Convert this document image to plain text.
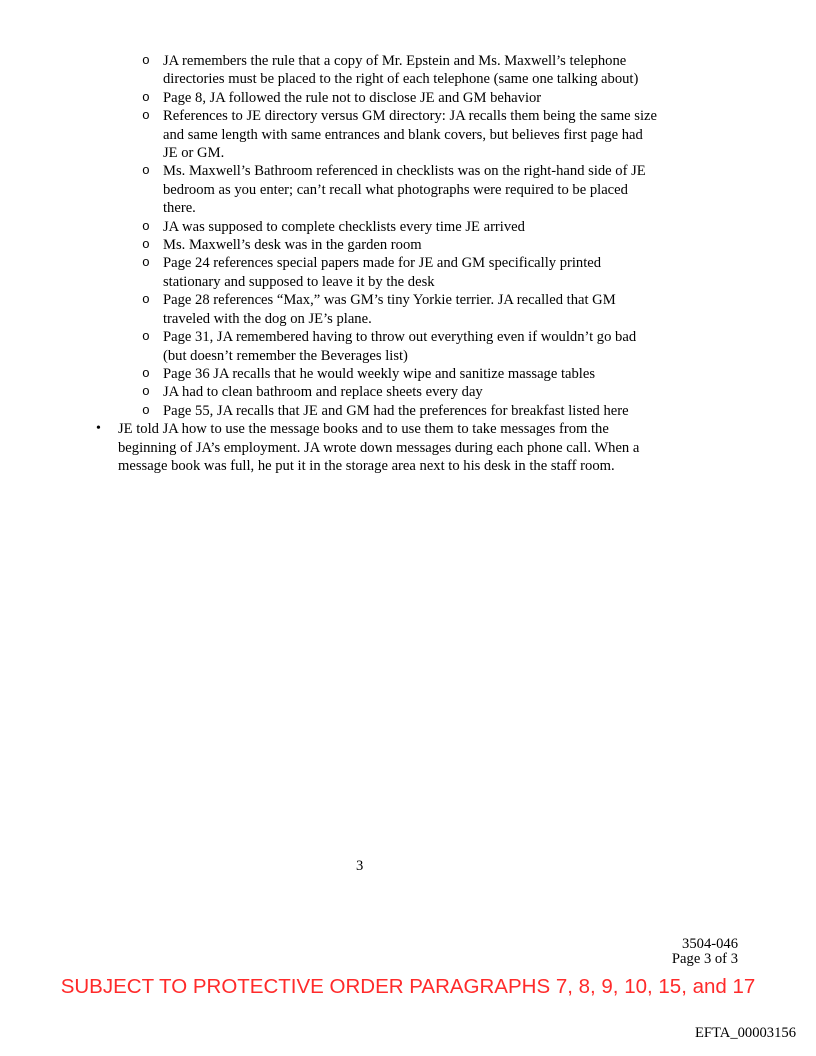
o JA remembers the rule that a copy of Mr. Epstein and Ms. Maxwell’s telephone directories must be placed to the right of each telephone (same one talking about)
o Page 8, JA followed the rule not to disclose JE and GM behavior
o References to JE directory versus GM directory: JA recalls them being the same size and same length with same entrances and blank covers, but believes first page had JE or GM.
o Ms. Maxwell’s Bathroom referenced in checklists was on the right-hand side of JE bedroom as you enter; can’t recall what photographs were required to be placed there.
o JA was supposed to complete checklists every time JE arrived
o Ms. Maxwell’s desk was in the garden room
o Page 24 references special papers made for JE and GM specifically printed stationary and supposed to leave it by the desk
o Page 28 references “Max,” was GM’s tiny Yorkie terrier. JA recalled that GM traveled with the dog on JE’s plane.
o Page 31, JA remembered having to throw out everything even if wouldn’t go bad (but doesn’t remember the Beverages list)
o Page 36 JA recalls that he would weekly wipe and sanitize massage tables
o JA had to clean bathroom and replace sheets every day
o Page 55, JA recalls that JE and GM had the preferences for breakfast listed here
• JE told JA how to use the message books and to use them to take messages from the beginning of JA’s employment. JA wrote down messages during each phone call. When a message book was full, he put it in the storage area next to his desk in the staff room.
3
3504-046
Page 3 of 3
SUBJECT TO PROTECTIVE ORDER PARAGRAPHS 7, 8, 9, 10, 15, and 17
EFTA_00003156
